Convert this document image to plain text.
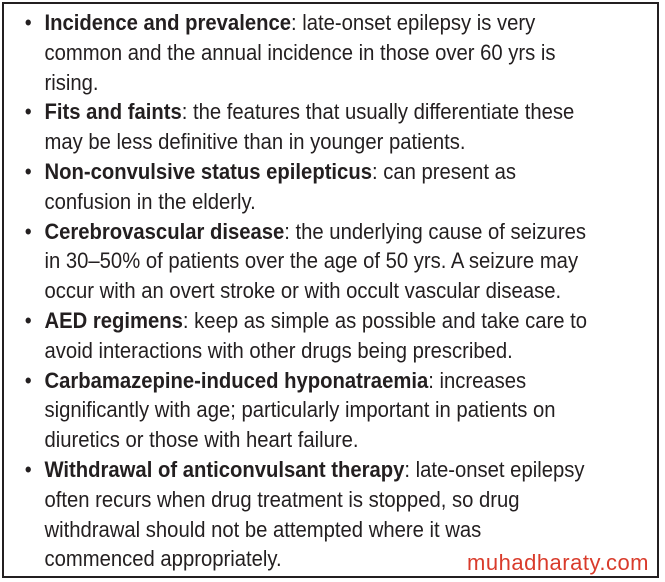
• Incidence and prevalence: late-onset epilepsy is very common and the annual incidence in those over 60 yrs is rising.
• Fits and faints: the features that usually differentiate these may be less definitive than in younger patients.
• Non-convulsive status epilepticus: can present as confusion in the elderly.
• Cerebrovascular disease: the underlying cause of seizures in 30–50% of patients over the age of 50 yrs. A seizure may occur with an overt stroke or with occult vascular disease.
• AED regimens: keep as simple as possible and take care to avoid interactions with other drugs being prescribed.
• Carbamazepine-induced hyponatraemia: increases significantly with age; particularly important in patients on diuretics or those with heart failure.
• Withdrawal of anticonvulsant therapy: late-onset epilepsy often recurs when drug treatment is stopped, so drug withdrawal should not be attempted where it was commenced appropriately.	muhadharaty.com
